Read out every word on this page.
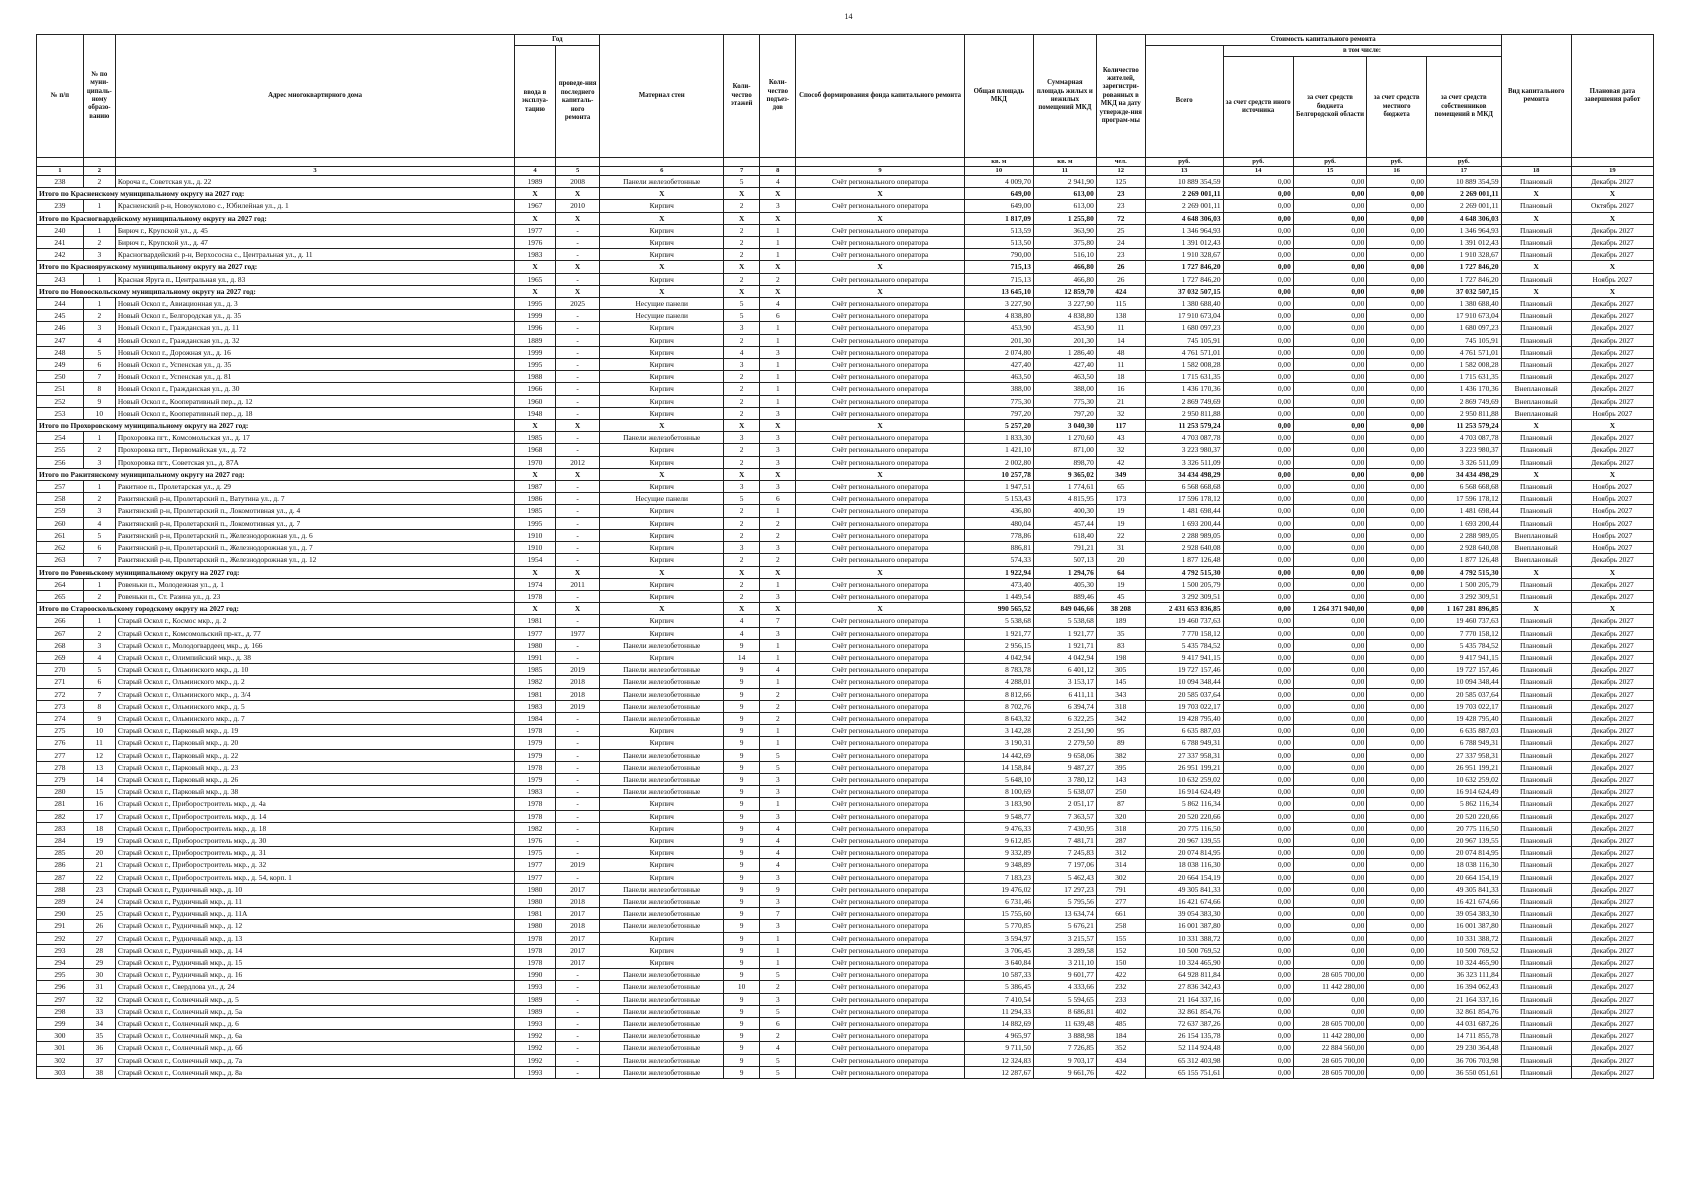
14
№ п/п	№ по муни-ципаль-ному образо-ванию	Адрес многоквартирного дома	Год		Материал стен	Коли-чество этажей	Коли-чество подъез-дов	Способ формирования фонда капитального ремонта	Общая площадь МКД	Суммарная площадь жилых и нежилых помещений МКД	Количество жителей, зарегистри-рованных в МКД на дату утвержде-ния програм-мы	Стоимость капитального ремонта					Вид капитального ремонта	Плановая дата завершения работ
			ввода в эксплуа-тацию	проведе-ния последнего капиталь-ного ремонта								Всего	в том числе:					
													за счет средств иного источника	за счет средств бюджета Белгородской области	за счет средств местного бюджета	за счет средств собственников помещений в МКД		
									кв. м	кв. м	чел.	руб.	руб.	руб.	руб.	руб.		
1	2	3	4	5	6	7	8	9	10	11	12	13	14	15	16	17	18	19
238	2	Короча г., Советская ул., д. 22	1989	2008	Панели железобетонные	5	4	Счёт регионального оператора	4 009,70	2 941,90	125	10 889 354,59	0,00	0,00	0,00	10 889 354,59	Плановый	Декабрь 2027
Итого по Красненскому муниципальному округу на 2027 год:			X	X	X	X	X	X	649,00	613,00	23	2 269 001,11	0,00	0,00	0,00	2 269 001,11	X	X
239	1	Красненский р-н, Новоуколово с., Юбилейная ул., д. 1	1967	2010	Кирпич	2	3	Счёт регионального оператора	649,00	613,00	23	2 269 001,11	0,00	0,00	0,00	2 269 001,11	Плановый	Октябрь 2027
Итого по Красногвардейскому муниципальному округу на 2027 год:			X	X	X	X	X	X	1 817,09	1 255,80	72	4 648 306,03	0,00	0,00	0,00	4 648 306,03	X	X
240	1	Бирюч г., Крупской ул., д. 45	1977	-	Кирпич	2	1	Счёт регионального оператора	513,59	363,90	25	1 346 964,93	0,00	0,00	0,00	1 346 964,93	Плановый	Декабрь 2027
241	2	Бирюч г., Крупской ул., д. 47	1976	-	Кирпич	2	1	Счёт регионального оператора	513,50	375,80	24	1 391 012,43	0,00	0,00	0,00	1 391 012,43	Плановый	Декабрь 2027
242	3	Красногвардейский р-н, Верхососна с., Центральная ул., д. 11	1983	-	Кирпич	2	1	Счёт регионального оператора	790,00	516,10	23	1 910 328,67	0,00	0,00	0,00	1 910 328,67	Плановый	Декабрь 2027
Итого по Краснояружскому муниципальному округу на 2027 год:			X	X	X	X	X	X	715,13	466,80	26	1 727 846,20	0,00	0,00	0,00	1 727 846,20	X	X
243	1	Красная Яруга п., Центральная ул., д. 83	1965	-	Кирпич	2	2	Счёт регионального оператора	715,13	466,80	26	1 727 846,20	0,00	0,00	0,00	1 727 846,20	Плановый	Ноябрь 2027
Итого по Новооскольскому муниципальному округу на 2027 год:			X	X	X	X	X	X	13 645,10	12 859,70	424	37 032 507,15	0,00	0,00	0,00	37 032 507,15	X	X
244	1	Новый Оскол г., Авиационная ул., д. 3	1995	2025	Несущие панели	5	4	Счёт регионального оператора	3 227,90	3 227,90	115	1 380 688,40	0,00	0,00	0,00	1 380 688,40	Плановый	Декабрь 2027
245	2	Новый Оскол г., Белгородская ул., д. 35	1999	-	Несущие панели	5	6	Счёт регионального оператора	4 838,80	4 838,80	138	17 910 673,04	0,00	0,00	0,00	17 910 673,04	Плановый	Декабрь 2027
246	3	Новый Оскол г., Гражданская ул., д. 11	1996	-	Кирпич	3	1	Счёт регионального оператора	453,90	453,90	11	1 680 097,23	0,00	0,00	0,00	1 680 097,23	Плановый	Декабрь 2027
247	4	Новый Оскол г., Гражданская ул., д. 32	1889	-	Кирпич	2	1	Счёт регионального оператора	201,30	201,30	14	745 105,91	0,00	0,00	0,00	745 105,91	Плановый	Декабрь 2027
248	5	Новый Оскол г., Дорожная ул., д. 16	1999	-	Кирпич	4	3	Счёт регионального оператора	2 074,80	1 286,40	48	4 761 571,01	0,00	0,00	0,00	4 761 571,01	Плановый	Декабрь 2027
249	6	Новый Оскол г., Успенская ул., д. 35	1995	-	Кирпич	3	1	Счёт регионального оператора	427,40	427,40	11	1 582 008,28	0,00	0,00	0,00	1 582 008,28	Плановый	Декабрь 2027
250	7	Новый Оскол г., Успенская ул., д. 81	1988	-	Кирпич	2	1	Счёт регионального оператора	463,50	463,50	18	1 715 631,35	0,00	0,00	0,00	1 715 631,35	Плановый	Декабрь 2027
251	8	Новый Оскол г., Гражданская ул., д. 30	1966	-	Кирпич	2	1	Счёт регионального оператора	388,00	388,00	16	1 436 170,36	0,00	0,00	0,00	1 436 170,36	Внеплановый	Декабрь 2027
252	9	Новый Оскол г., Кооперативный пер., д. 12	1960	-	Кирпич	2	1	Счёт регионального оператора	775,30	775,30	21	2 869 749,69	0,00	0,00	0,00	2 869 749,69	Внеплановый	Декабрь 2027
253	10	Новый Оскол г., Кооперативный пер., д. 18	1948	-	Кирпич	2	3	Счёт регионального оператора	797,20	797,20	32	2 950 811,88	0,00	0,00	0,00	2 950 811,88	Внеплановый	Ноябрь 2027
Итого по Прохоровскому муниципальному округу на 2027 год:			X	X	X	X	X	X	5 257,20	3 040,30	117	11 253 579,24	0,00	0,00	0,00	11 253 579,24	X	X
254	1	Прохоровка пгт., Комсомольская ул., д. 17	1985	-	Панели железобетонные	3	3	Счёт регионального оператора	1 833,30	1 270,60	43	4 703 087,78	0,00	0,00	0,00	4 703 087,78	Плановый	Декабрь 2027
255	2	Прохоровка пгт., Первомайская ул., д. 72	1968	-	Кирпич	2	3	Счёт регионального оператора	1 421,10	871,00	32	3 223 980,37	0,00	0,00	0,00	3 223 980,37	Плановый	Декабрь 2027
256	3	Прохоровка пгт., Советская ул., д. 87А	1970	2012	Кирпич	2	3	Счёт регионального оператора	2 002,80	898,70	42	3 326 511,09	0,00	0,00	0,00	3 326 511,09	Плановый	Декабрь 2027
Итого по Ракитянскому муниципальному округу на 2027 год:			X	X	X	X	X	X	10 257,78	9 365,02	349	34 434 498,29	0,00	0,00	0,00	34 434 498,29	X	X
257	1	Ракитное п., Пролетарская ул., д. 29	1987	-	Кирпич	3	3	Счёт регионального оператора	1 947,51	1 774,61	65	6 568 668,68	0,00	0,00	0,00	6 568 668,68	Плановый	Ноябрь 2027
258	2	Ракитянский р-н, Пролетарский п., Ватутина ул., д. 7	1986	-	Несущие панели	5	6	Счёт регионального оператора	5 153,43	4 815,95	173	17 596 178,12	0,00	0,00	0,00	17 596 178,12	Плановый	Ноябрь 2027
259	3	Ракитянский р-н, Пролетарский п., Локомотивная ул., д. 4	1985	-	Кирпич	2	1	Счёт регионального оператора	436,80	400,30	19	1 481 698,44	0,00	0,00	0,00	1 481 698,44	Плановый	Ноябрь 2027
260	4	Ракитянский р-н, Пролетарский п., Локомотивная ул., д. 7	1995	-	Кирпич	2	2	Счёт регионального оператора	480,04	457,44	19	1 693 200,44	0,00	0,00	0,00	1 693 200,44	Плановый	Ноябрь 2027
261	5	Ракитянский р-н, Пролетарский п., Железнодорожная ул., д. 6	1910	-	Кирпич	2	2	Счёт регионального оператора	778,86	618,40	22	2 288 989,05	0,00	0,00	0,00	2 288 989,05	Внеплановый	Ноябрь 2027
262	6	Ракитянский р-н, Пролетарский п., Железнодорожная ул., д. 7	1910	-	Кирпич	3	3	Счёт регионального оператора	886,81	791,21	31	2 928 640,08	0,00	0,00	0,00	2 928 640,08	Внеплановый	Ноябрь 2027
263	7	Ракитянский р-н, Пролетарский п., Железнодорожная ул., д. 12	1954	-	Кирпич	2	2	Счёт регионального оператора	574,33	507,13	20	1 877 126,48	0,00	0,00	0,00	1 877 126,48	Внеплановый	Декабрь 2027
Итого по Ровеньскому муниципальному округу на 2027 год:			X	X	X	X	X	X	1 922,94	1 294,76	64	4 792 515,30	0,00	0,00	0,00	4 792 515,30	X	X
264	1	Ровеньки п., Молодежная ул., д. 1	1974	2011	Кирпич	2	1	Счёт регионального оператора	473,40	405,30	19	1 500 205,79	0,00	0,00	0,00	1 500 205,79	Плановый	Декабрь 2027
265	2	Ровеньки п., Ст. Разина ул., д. 23	1978	-	Кирпич	2	3	Счёт регионального оператора	1 449,54	889,46	45	3 292 309,51	0,00	0,00	0,00	3 292 309,51	Плановый	Декабрь 2027
Итого по Старооскольскому городскому округу на 2027 год:			X	X	X	X	X	X	990 565,52	849 046,66	38 208	2 431 653 836,85	0,00	1 264 371 940,00	0,00	1 167 281 896,85	X	X
266	1	Старый Оскол г., Космос мкр., д. 2	1981	-	Кирпич	4	7	Счёт регионального оператора	5 538,68	5 538,68	189	19 460 737,63	0,00	0,00	0,00	19 460 737,63	Плановый	Декабрь 2027
267	2	Старый Оскол г., Комсомольский пр-кт., д. 77	1977	1977	Кирпич	4	3	Счёт регионального оператора	1 921,77	1 921,77	35	7 770 158,12	0,00	0,00	0,00	7 770 158,12	Плановый	Декабрь 2027
268	3	Старый Оскол г., Молодогвардеец мкр., д. 166	1980	-	Панели железобетонные	9	1	Счёт регионального оператора	2 956,15	1 921,71	83	5 435 784,52	0,00	0,00	0,00	5 435 784,52	Плановый	Декабрь 2027
269	4	Старый Оскол г., Олимпийский мкр., д. 38	1991	-	Кирпич	14	1	Счёт регионального оператора	4 042,94	4 042,94	198	9 417 941,15	0,00	0,00	0,00	9 417 941,15	Плановый	Декабрь 2027
270	5	Старый Оскол г., Ольминского мкр., д. 10	1985	2019	Панели железобетонные	9	4	Счёт регионального оператора	8 783,78	6 401,12	305	19 727 157,46	0,00	0,00	0,00	19 727 157,46	Плановый	Декабрь 2027
271	6	Старый Оскол г., Ольминского мкр., д. 2	1982	2018	Панели железобетонные	9	1	Счёт регионального оператора	4 288,01	3 153,17	145	10 094 348,44	0,00	0,00	0,00	10 094 348,44	Плановый	Декабрь 2027
272	7	Старый Оскол г., Ольминского мкр., д. 3/4	1981	2018	Панели железобетонные	9	2	Счёт регионального оператора	8 812,66	6 411,11	343	20 585 037,64	0,00	0,00	0,00	20 585 037,64	Плановый	Декабрь 2027
273	8	Старый Оскол г., Ольминского мкр., д. 5	1983	2019	Панели железобетонные	9	2	Счёт регионального оператора	8 702,76	6 394,74	318	19 703 022,17	0,00	0,00	0,00	19 703 022,17	Плановый	Декабрь 2027
274	9	Старый Оскол г., Ольминского мкр., д. 7	1984	-	Панели железобетонные	9	2	Счёт регионального оператора	8 643,32	6 322,25	342	19 428 795,40	0,00	0,00	0,00	19 428 795,40	Плановый	Декабрь 2027
275	10	Старый Оскол г., Парковый мкр., д. 19	1978	-	Кирпич	9	1	Счёт регионального оператора	3 142,28	2 251,90	95	6 635 887,03	0,00	0,00	0,00	6 635 887,03	Плановый	Декабрь 2027
276	11	Старый Оскол г., Парковый мкр., д. 20	1979	-	Кирпич	9	1	Счёт регионального оператора	3 190,31	2 279,50	89	6 788 949,31	0,00	0,00	0,00	6 788 949,31	Плановый	Декабрь 2027
277	12	Старый Оскол г., Парковый мкр., д. 22	1979	-	Панели железобетонные	9	5	Счёт регионального оператора	14 442,69	9 658,06	382	27 337 958,31	0,00	0,00	0,00	27 337 958,31	Плановый	Декабрь 2027
278	13	Старый Оскол г., Парковый мкр., д. 23	1978	-	Панели железобетонные	9	5	Счёт регионального оператора	14 158,84	9 487,27	395	26 951 199,21	0,00	0,00	0,00	26 951 199,21	Плановый	Декабрь 2027
279	14	Старый Оскол г., Парковый мкр., д. 26	1979	-	Панели железобетонные	9	3	Счёт регионального оператора	5 648,10	3 780,12	143	10 632 259,02	0,00	0,00	0,00	10 632 259,02	Плановый	Декабрь 2027
280	15	Старый Оскол г., Парковый мкр., д. 38	1983	-	Панели железобетонные	9	3	Счёт регионального оператора	8 100,69	5 638,07	250	16 914 624,49	0,00	0,00	0,00	16 914 624,49	Плановый	Декабрь 2027
281	16	Старый Оскол г., Приборостроитель мкр., д. 4а	1978	-	Кирпич	9	1	Счёт регионального оператора	3 183,90	2 051,17	87	5 862 116,34	0,00	0,00	0,00	5 862 116,34	Плановый	Декабрь 2027
282	17	Старый Оскол г., Приборостроитель мкр., д. 14	1978	-	Кирпич	9	3	Счёт регионального оператора	9 548,77	7 363,57	320	20 520 220,66	0,00	0,00	0,00	20 520 220,66	Плановый	Декабрь 2027
283	18	Старый Оскол г., Приборостроитель мкр., д. 18	1982	-	Кирпич	9	4	Счёт регионального оператора	9 476,33	7 430,95	318	20 775 116,50	0,00	0,00	0,00	20 775 116,50	Плановый	Декабрь 2027
284	19	Старый Оскол г., Приборостроитель мкр., д. 30	1976	-	Кирпич	9	4	Счёт регионального оператора	9 612,85	7 481,71	287	20 967 139,55	0,00	0,00	0,00	20 967 139,55	Плановый	Декабрь 2027
285	20	Старый Оскол г., Приборостроитель мкр., д. 31	1975	-	Кирпич	9	4	Счёт регионального оператора	9 332,89	7 245,83	312	20 074 814,95	0,00	0,00	0,00	20 074 814,95	Плановый	Декабрь 2027
286	21	Старый Оскол г., Приборостроитель мкр., д. 32	1977	2019	Кирпич	9	4	Счёт регионального оператора	9 348,89	7 197,06	314	18 038 116,30	0,00	0,00	0,00	18 038 116,30	Плановый	Декабрь 2027
287	22	Старый Оскол г., Приборостроитель мкр., д. 54, корп. 1	1977	-	Кирпич	9	3	Счёт регионального оператора	7 183,23	5 462,43	302	20 664 154,19	0,00	0,00	0,00	20 664 154,19	Плановый	Декабрь 2027
288	23	Старый Оскол г., Рудничный мкр., д. 10	1980	2017	Панели железобетонные	9	9	Счёт регионального оператора	19 476,02	17 297,23	791	49 305 841,33	0,00	0,00	0,00	49 305 841,33	Плановый	Декабрь 2027
289	24	Старый Оскол г., Рудничный мкр., д. 11	1980	2018	Панели железобетонные	9	3	Счёт регионального оператора	6 731,46	5 795,56	277	16 421 674,66	0,00	0,00	0,00	16 421 674,66	Плановый	Декабрь 2027
290	25	Старый Оскол г., Рудничный мкр., д. 11А	1981	2017	Панели железобетонные	9	7	Счёт регионального оператора	15 755,60	13 634,74	661	39 054 383,30	0,00	0,00	0,00	39 054 383,30	Плановый	Декабрь 2027
291	26	Старый Оскол г., Рудничный мкр., д. 12	1980	2018	Панели железобетонные	9	3	Счёт регионального оператора	5 770,85	5 676,21	258	16 001 387,80	0,00	0,00	0,00	16 001 387,80	Плановый	Декабрь 2027
292	27	Старый Оскол г., Рудничный мкр., д. 13	1978	2017	Кирпич	9	1	Счёт регионального оператора	3 594,97	3 215,57	155	10 331 388,72	0,00	0,00	0,00	10 331 388,72	Плановый	Декабрь 2027
293	28	Старый Оскол г., Рудничный мкр., д. 14	1978	2017	Кирпич	9	1	Счёт регионального оператора	3 706,45	3 289,58	152	10 500 769,52	0,00	0,00	0,00	10 500 769,52	Плановый	Декабрь 2027
294	29	Старый Оскол г., Рудничный мкр., д. 15	1978	2017	Кирпич	9	1	Счёт регионального оператора	3 640,84	3 211,10	150	10 324 465,90	0,00	0,00	0,00	10 324 465,90	Плановый	Декабрь 2027
295	30	Старый Оскол г., Рудничный мкр., д. 16	1990	-	Панели железобетонные	9	5	Счёт регионального оператора	10 587,33	9 601,77	422	64 928 811,84	0,00	28 605 700,00	0,00	36 323 111,84	Плановый	Декабрь 2027
296	31	Старый Оскол г., Свердлова ул., д. 24	1993	-	Панели железобетонные	10	2	Счёт регионального оператора	5 386,45	4 333,66	232	27 836 342,43	0,00	11 442 280,00	0,00	16 394 062,43	Плановый	Декабрь 2027
297	32	Старый Оскол г., Солнечный мкр., д. 5	1989	-	Панели железобетонные	9	3	Счёт регионального оператора	7 410,54	5 594,65	233	21 164 337,16	0,00	0,00	0,00	21 164 337,16	Плановый	Декабрь 2027
298	33	Старый Оскол г., Солнечный мкр., д. 5а	1989	-	Панели железобетонные	9	5	Счёт регионального оператора	11 294,33	8 686,81	402	32 861 854,76	0,00	0,00	0,00	32 861 854,76	Плановый	Декабрь 2027
299	34	Старый Оскол г., Солнечный мкр., д. 6	1993	-	Панели железобетонные	9	6	Счёт регионального оператора	14 882,69	11 639,48	485	72 637 387,26	0,00	28 605 700,00	0,00	44 031 687,26	Плановый	Декабрь 2027
300	35	Старый Оскол г., Солнечный мкр., д. 6а	1992	-	Панели железобетонные	9	2	Счёт регионального оператора	4 965,97	3 888,98	184	26 154 135,78	0,00	11 442 280,00	0,00	14 711 855,78	Плановый	Декабрь 2027
301	36	Старый Оскол г., Солнечный мкр., д. 6б	1992	-	Панели железобетонные	9	4	Счёт регионального оператора	9 711,50	7 726,85	352	52 114 924,48	0,00	22 884 560,00	0,00	29 230 364,48	Плановый	Декабрь 2027
302	37	Старый Оскол г., Солнечный мкр., д. 7а	1992	-	Панели железобетонные	9	5	Счёт регионального оператора	12 324,83	9 703,17	434	65 312 403,98	0,00	28 605 700,00	0,00	36 706 703,98	Плановый	Декабрь 2027
303	38	Старый Оскол г., Солнечный мкр., д. 8а	1993	-	Панели железобетонные	9	5	Счёт регионального оператора	12 287,67	9 661,76	422	65 155 751,61	0,00	28 605 700,00	0,00	36 550 051,61	Плановый	Декабрь 2027
